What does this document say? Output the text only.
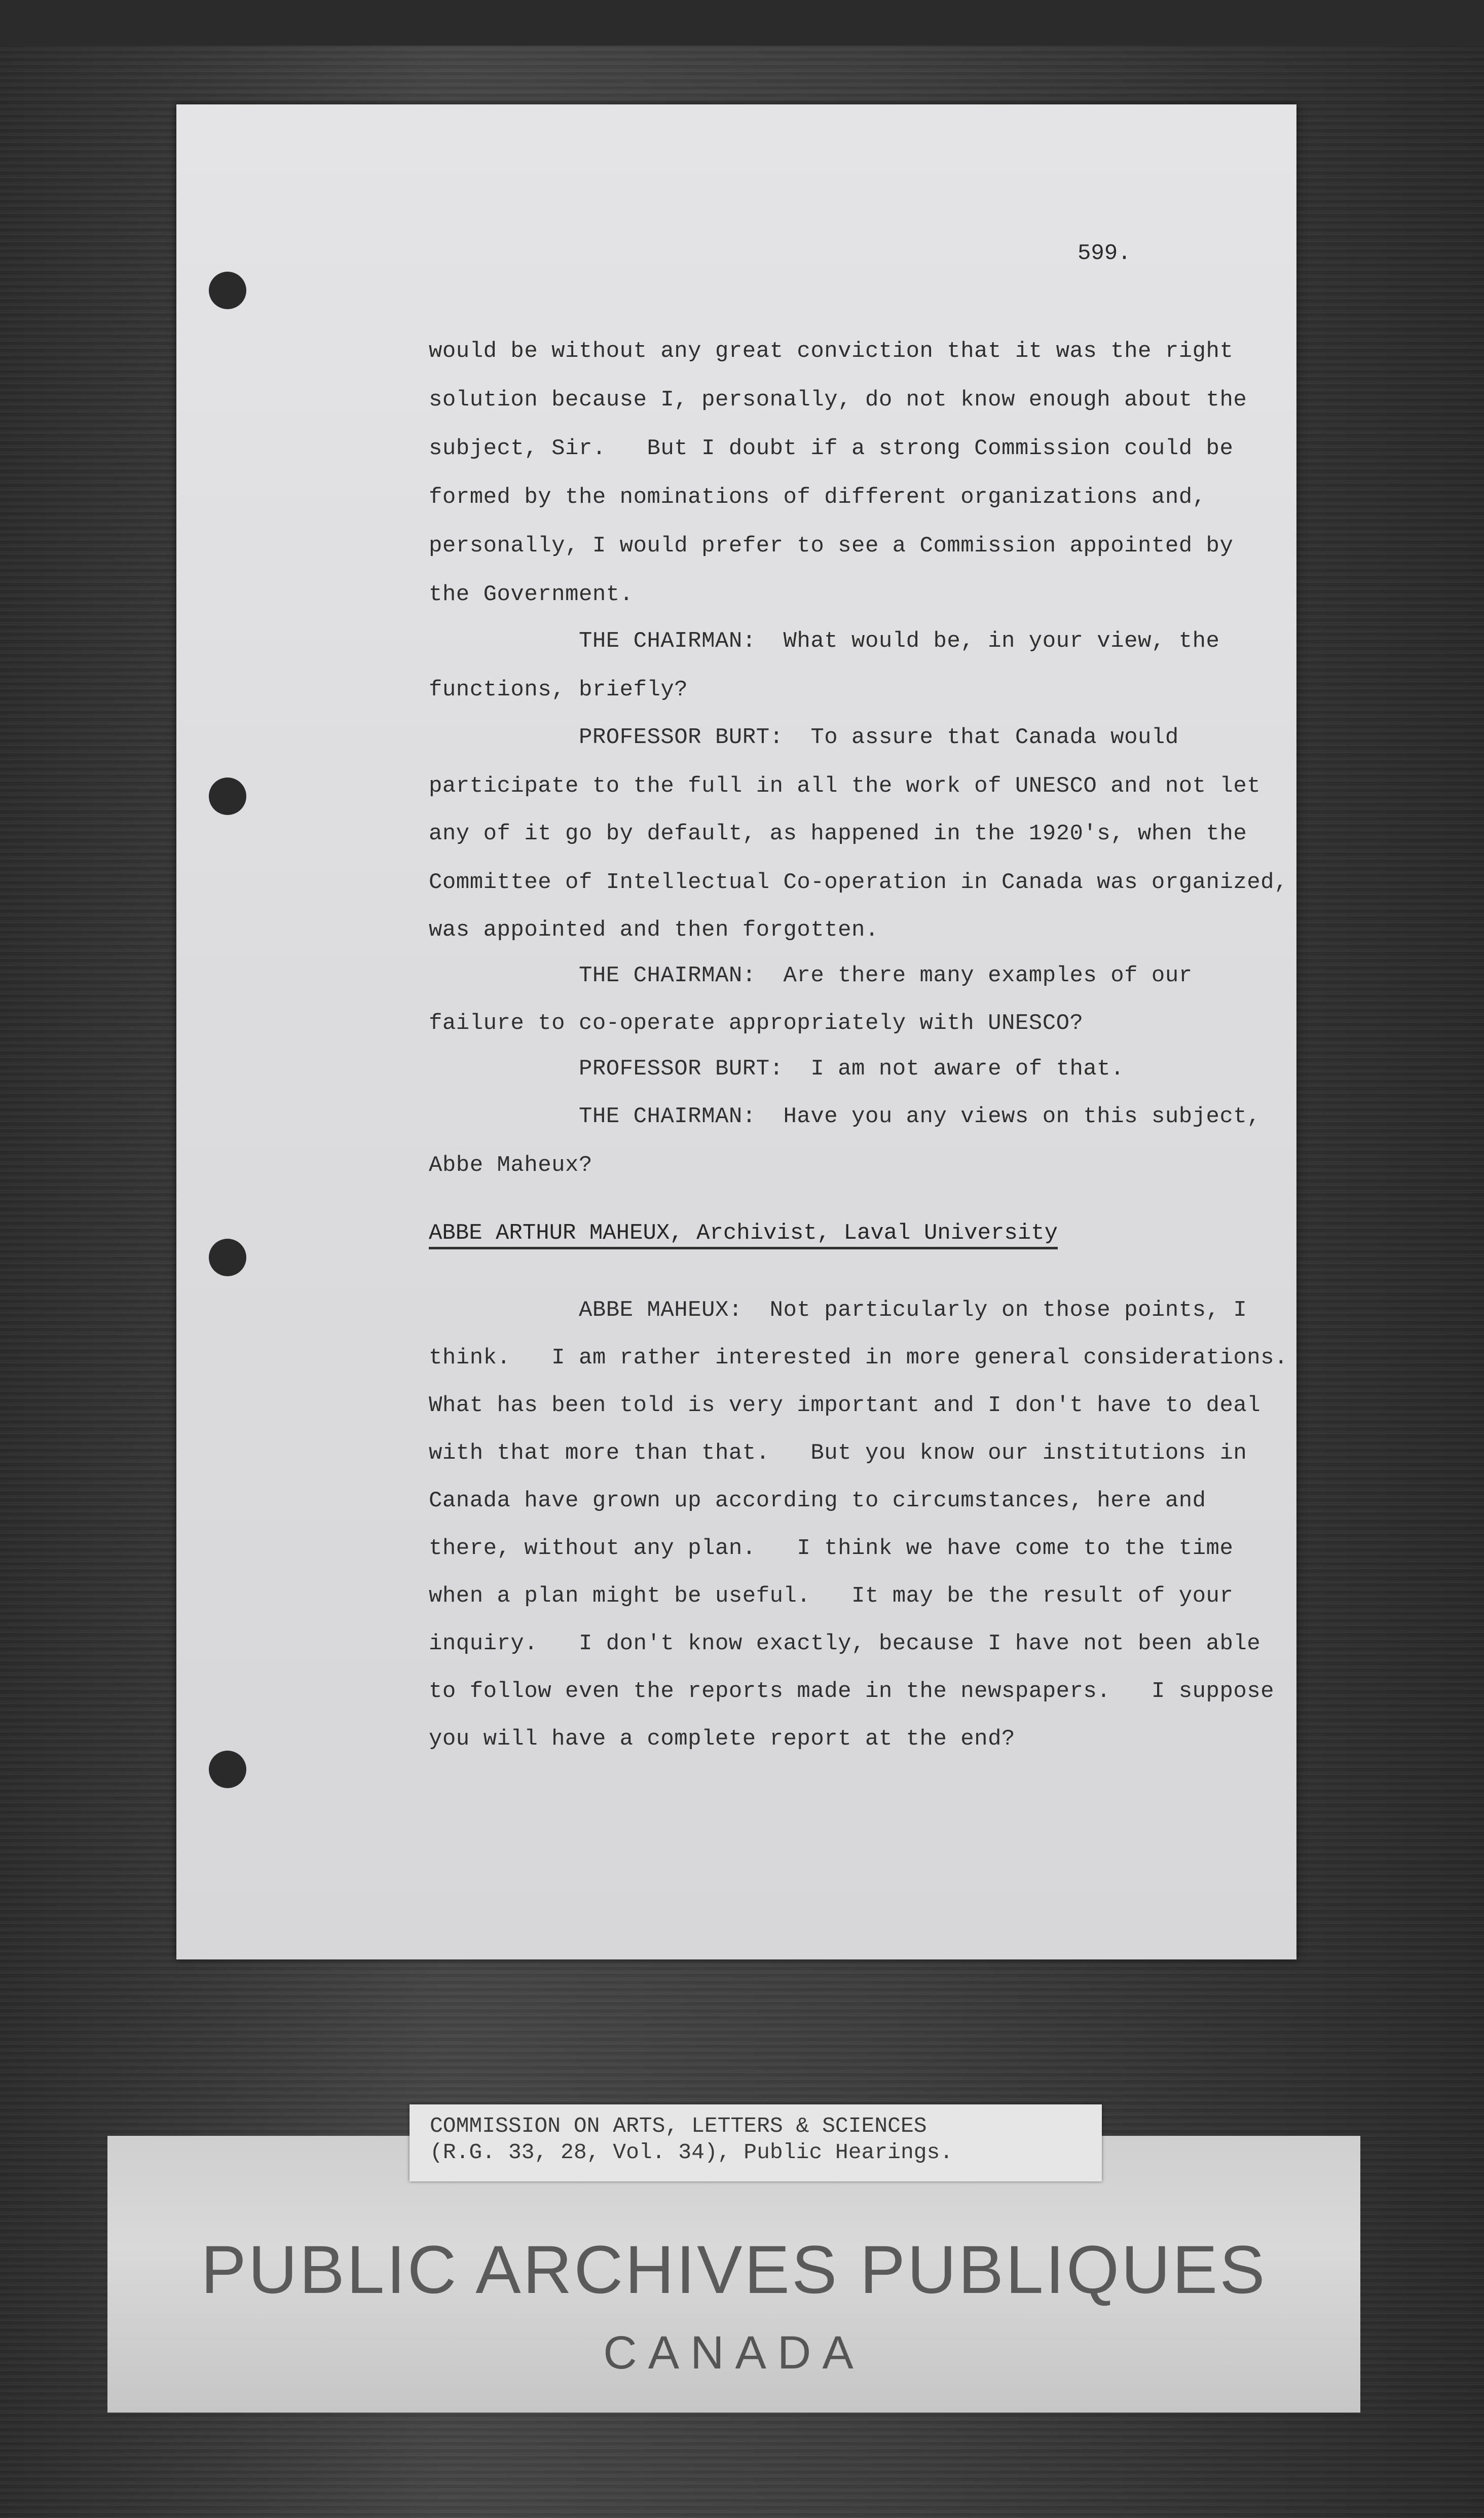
599.
would be without any great conviction that it was the right
solution because I, personally, do not know enough about the
subject, Sir.   But I doubt if a strong Commission could be
formed by the nominations of different organizations and,
personally, I would prefer to see a Commission appointed by
the Government.
THE CHAIRMAN:  What would be, in your view, the
functions, briefly?
PROFESSOR BURT:  To assure that Canada would
participate to the full in all the work of UNESCO and not let
any of it go by default, as happened in the 1920's, when the
Committee of Intellectual Co-operation in Canada was organized,
was appointed and then forgotten.
THE CHAIRMAN:  Are there many examples of our
failure to co-operate appropriately with UNESCO?
PROFESSOR BURT:  I am not aware of that.
THE CHAIRMAN:  Have you any views on this subject,
Abbe Maheux?
ABBE ARTHUR MAHEUX, Archivist, Laval University
ABBE MAHEUX:  Not particularly on those points, I
think.   I am rather interested in more general considerations.
What has been told is very important and I don't have to deal
with that more than that.   But you know our institutions in
Canada have grown up according to circumstances, here and
there, without any plan.   I think we have come to the time
when a plan might be useful.   It may be the result of your
inquiry.   I don't know exactly, because I have not been able
to follow even the reports made in the newspapers.   I suppose
you will have a complete report at the end?
PUBLIC ARCHIVES PUBLIQUES
CANADA
COMMISSION ON ARTS, LETTERS & SCIENCES
(R.G. 33, 28, Vol. 34), Public Hearings.
